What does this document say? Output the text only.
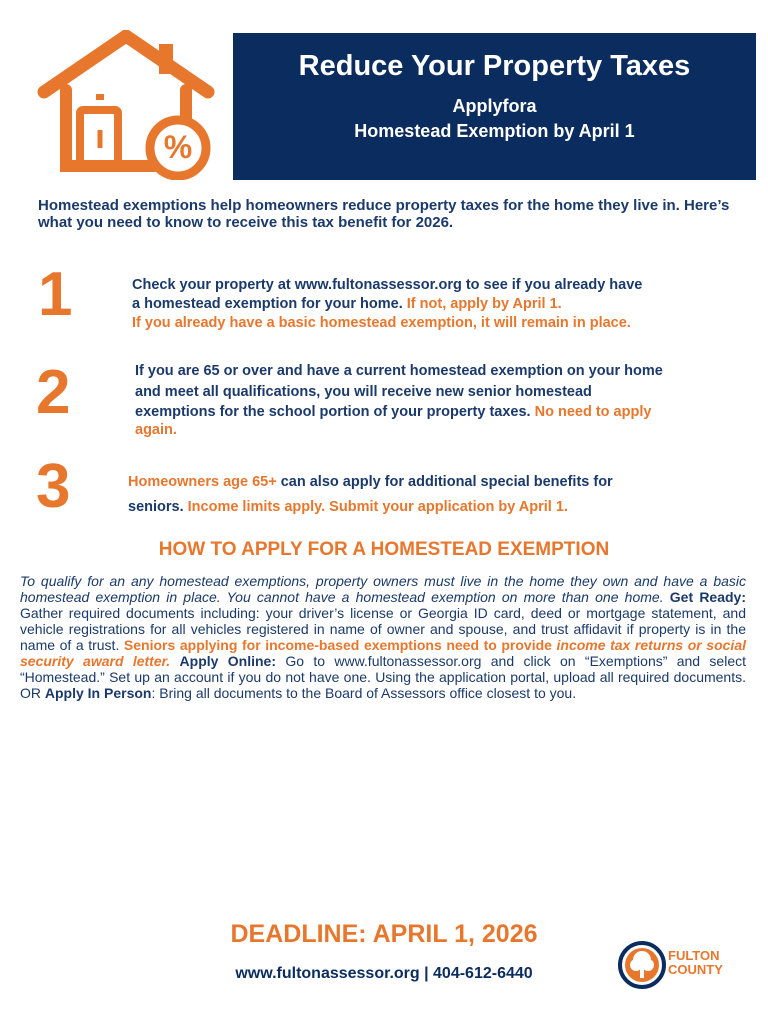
%
Reduce Your Property Taxes
Applyfora
Homestead Exemption by April 1
Homestead exemptions help homeowners reduce property taxes for the home they live in. Here’s what you need to know to receive this tax benefit for 2026.
1	Check your property at www.fultonassessor.org to see if you already have
a homestead exemption for your home. If not, apply by April 1.
If you already have a basic homestead exemption, it will remain in place.
2	If you are 65 or over and have a current homestead exemption on your home
and meet all qualifications, you will receive new senior homestead
exemptions for the school portion of your property taxes. No need to apply
again.
3	Homeowners age 65+ can also apply for additional special benefits for
seniors. Income limits apply. Submit your application by April 1.
HOW TO APPLY FOR A HOMESTEAD EXEMPTION
To qualify for an any homestead exemptions, property owners must live in the home they own and have a basic homestead exemption in place. You cannot have a homestead exemption on more than one home. Get Ready: Gather required documents including: your driver’s license or Georgia ID card, deed or mortgage statement, and vehicle registrations for all vehicles registered in name of owner and spouse, and trust affidavit if property is in the name of a trust. Seniors applying for income-based exemptions need to provide income tax returns or social security award letter. Apply Online: Go to www.fultonassessor.org and click on “Exemptions” and select “Homestead.” Set up an account if you do not have one. Using the application portal, upload all required documents. OR Apply In Person: Bring all documents to the Board of Assessors office closest to you.
DEADLINE: APRIL 1, 2026
www.fultonassessor.org | 404-612-6440
FULTON
COUNTY
